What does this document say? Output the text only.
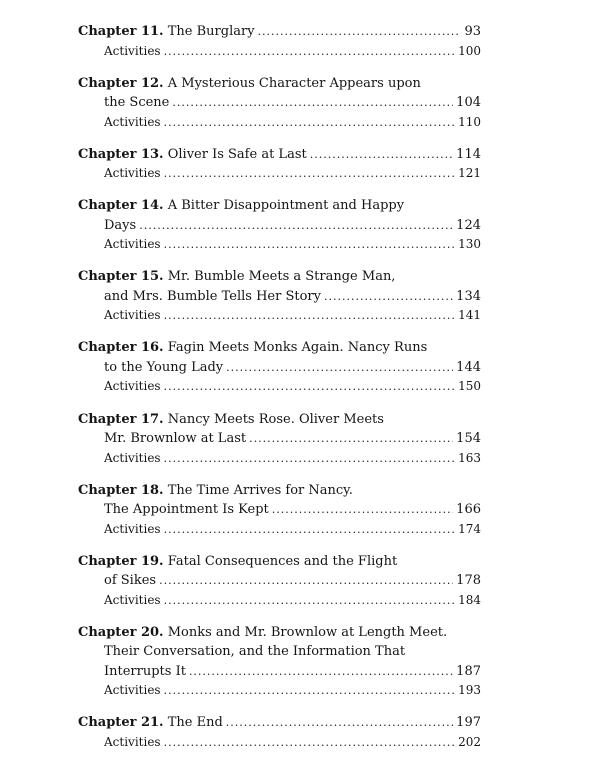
Chapter 11.
The Burglary .....	93
Activities .....	100
Chapter 12.
A Mysterious Character Appears upon
the Scene .....	104
Activities .....	110
Chapter 13.
Oliver Is Safe at Last .....	114
Activities .....	121
Chapter 14.
A Bitter Disappointment and Happy
Days .....	124
Activities .....	130
Chapter 15.
Mr. Bumble Meets a Strange Man,
and Mrs. Bumble Tells Her Story .....	134
Activities .....	141
Chapter 16.
Fagin Meets Monks Again. Nancy Runs
to the Young Lady .....	144
Activities .....	150
Chapter 17.
Nancy Meets Rose. Oliver Meets
Mr. Brownlow at Last .....	154
Activities .....	163
Chapter 18.
The Time Arrives for Nancy.
The Appointment Is Kept .....	166
Activities .....	174
Chapter 19.
Fatal Consequences and the Flight
of Sikes .....	178
Activities .....	184
Chapter 20.
Monks and Mr. Brownlow at Length Meet.
Their Conversation, and the Information That
Interrupts It .....	187
Activities .....	193
Chapter 21.
The End .....	197
Activities .....	202
